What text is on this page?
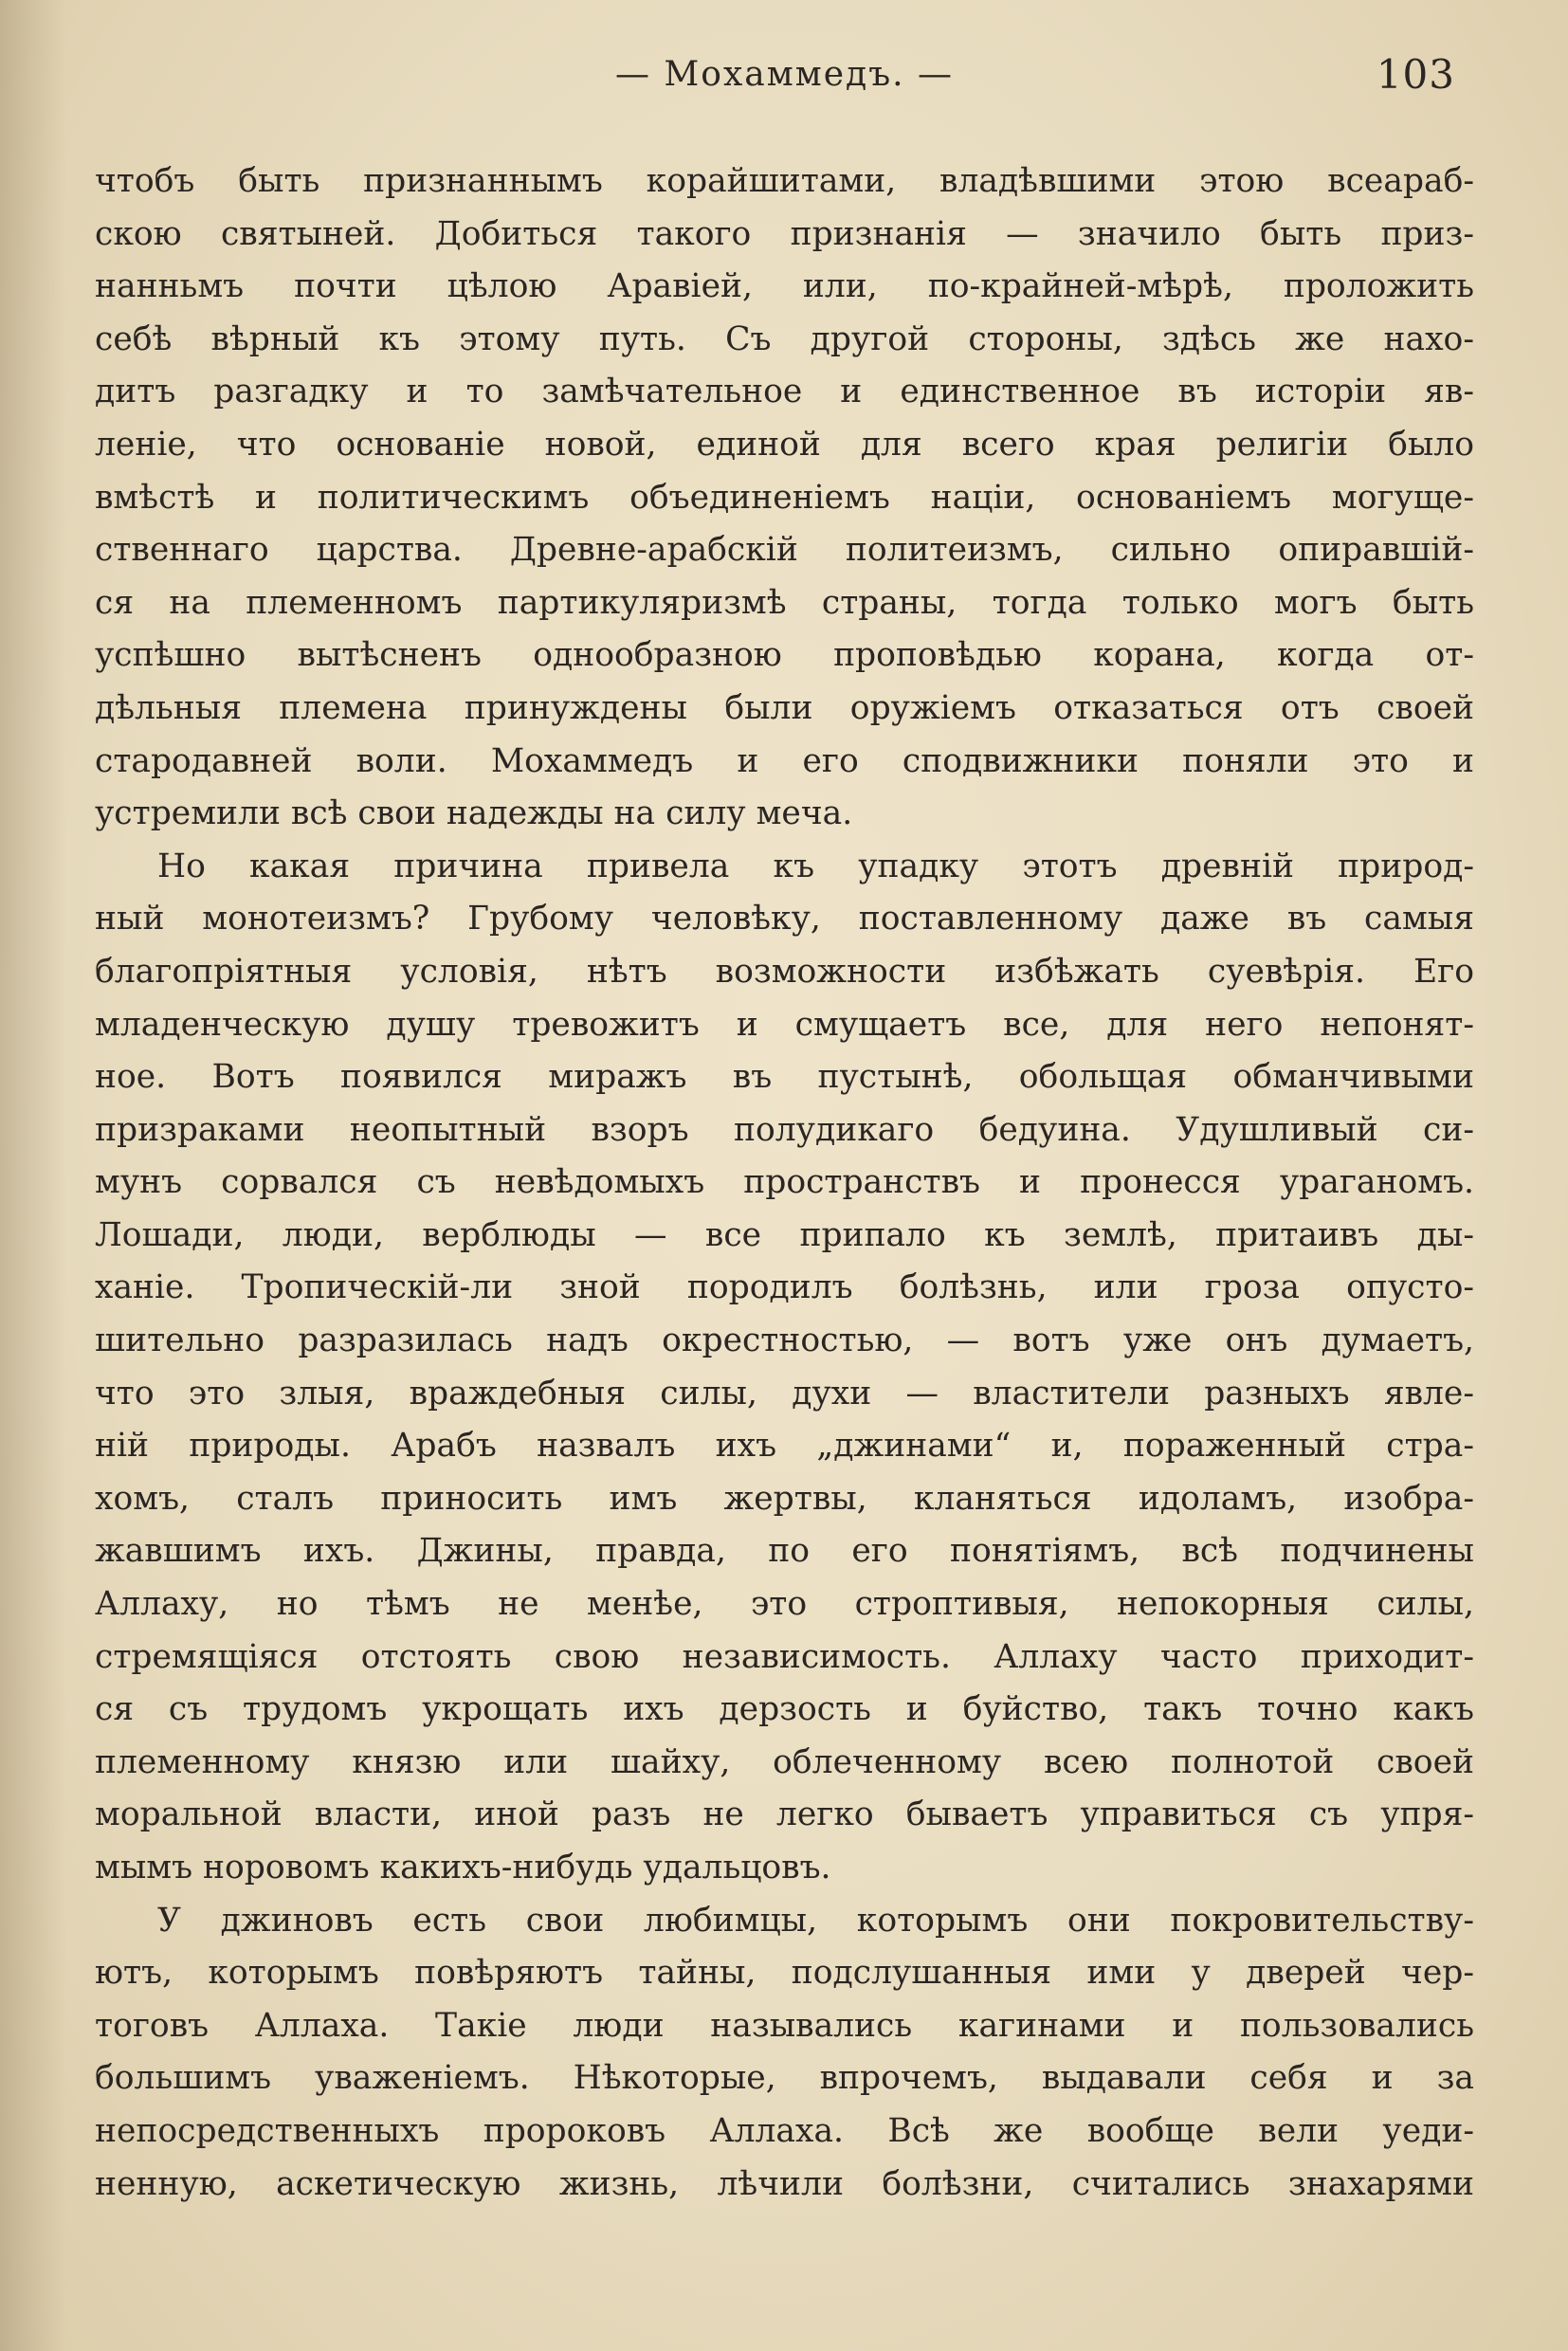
— Мохаммедъ. —	103
чтобъ быть признаннымъ корайшитами, владѣвшими этою всеараб-
скою святыней. Добиться такого признанія — значило быть приз-
нанньмъ почти цѣлою Аравіей, или, по-крайней-мѣрѣ, проложить
себѣ вѣрный къ этому путь. Съ другой стороны, здѣсь же нахо-
дитъ разгадку и то замѣчательное и единственное въ исторіи яв-
леніе, что основаніе новой, единой для всего края религіи было
вмѣстѣ и политическимъ объединеніемъ націи, основаніемъ могуще-
ственнаго царства. Древне-арабскій политеизмъ, сильно опиравшій-
ся на племенномъ партикуляризмѣ страны, тогда только могъ быть
успѣшно вытѣсненъ однообразною проповѣдью корана, когда от-
дѣльныя племена принуждены были оружіемъ отказаться отъ своей
стародавней воли. Мохаммедъ и его сподвижники поняли это и
устремили всѣ свои надежды на силу меча.
Но какая причина привела къ упадку этотъ древній природ-
ный монотеизмъ? Грубому человѣку, поставленному даже въ самыя
благопріятныя условія, нѣтъ возможности избѣжать суевѣрія. Его
младенческую душу тревожитъ и смущаетъ все, для него непонят-
ное. Вотъ появился миражъ въ пустынѣ, обольщая обманчивыми
призраками неопытный взоръ полудикаго бедуина. Удушливый си-
мунъ сорвался съ невѣдомыхъ пространствъ и пронесся ураганомъ.
Лошади, люди, верблюды — все припало къ землѣ, притаивъ ды-
ханіе. Тропическій-ли зной породилъ болѣзнь, или гроза опусто-
шительно разразилась надъ окрестностью, — вотъ уже онъ думаетъ,
что это злыя, враждебныя силы, духи — властители разныхъ явле-
ній природы. Арабъ назвалъ ихъ „джинами“ и, пораженный стра-
хомъ, сталъ приносить имъ жертвы, кланяться идоламъ, изобра-
жавшимъ ихъ. Джины, правда, по его понятіямъ, всѣ подчинены
Аллаху, но тѣмъ не менѣе, это строптивыя, непокорныя силы,
стремящіяся отстоять свою независимость. Аллаху часто приходит-
ся съ трудомъ укрощать ихъ дерзость и буйство, такъ точно какъ
племенному князю или шайху, облеченному всею полнотой своей
моральной власти, иной разъ не легко бываетъ управиться съ упря-
мымъ норовомъ какихъ-нибудь удальцовъ.
У джиновъ есть свои любимцы, которымъ они покровительству-
ютъ, которымъ повѣряютъ тайны, подслушанныя ими у дверей чер-
тоговъ Аллаха. Такіе люди назывались кагинами и пользовались
большимъ уваженіемъ. Нѣкоторые, впрочемъ, выдавали себя и за
непосредственныхъ пророковъ Аллаха. Всѣ же вообще вели уеди-
ненную, аскетическую жизнь, лѣчили болѣзни, считались знахарями
